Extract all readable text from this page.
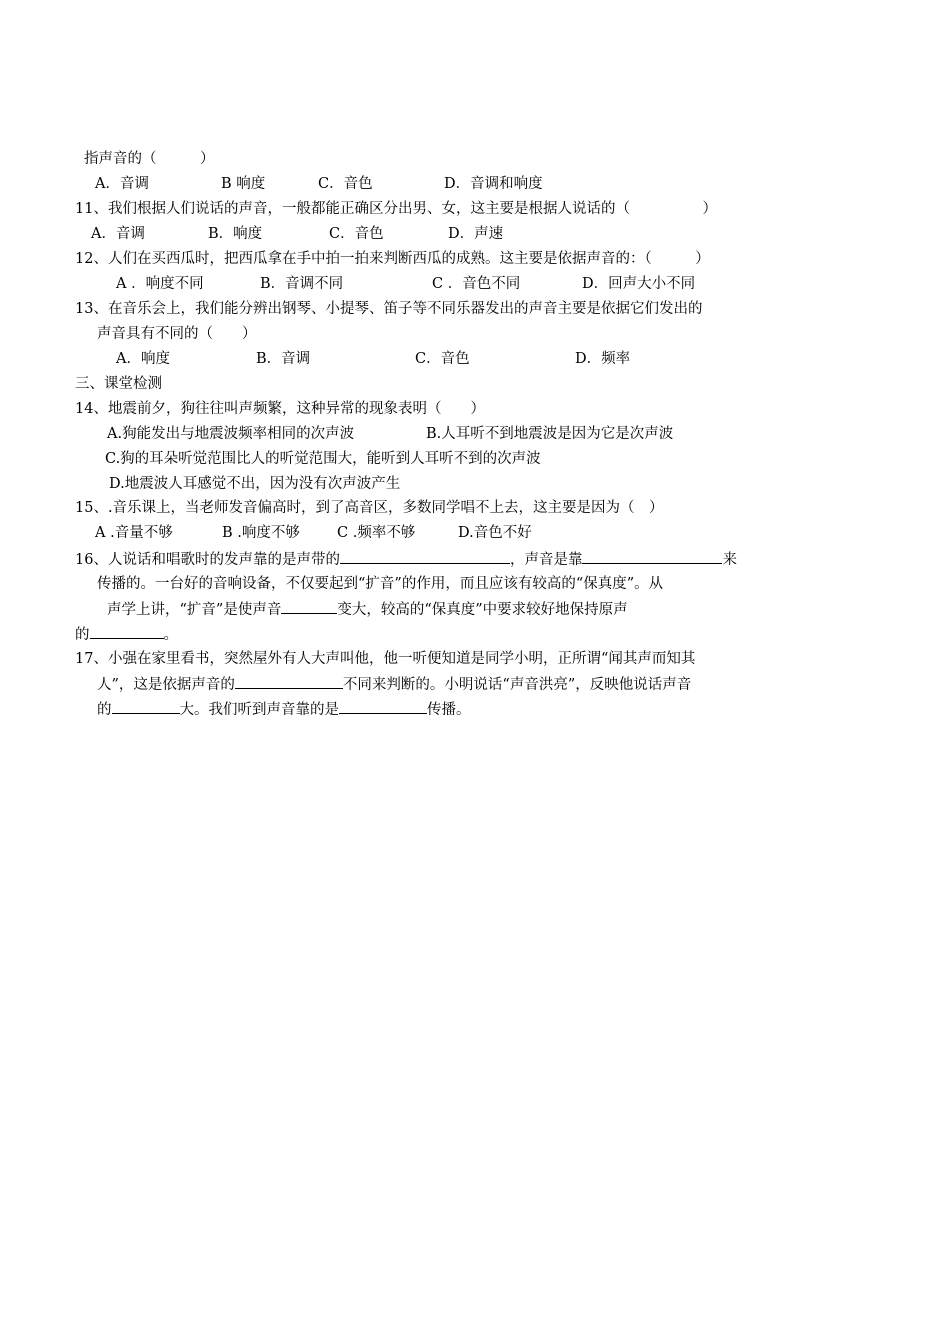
指声音的（　　　）
A．音调	B 响度	C．音色	D．音调和响度
11、我们根据人们说话的声音，一般都能正确区分出男、女，这主要是根据人说话的（　　　　　）
A．音调	B．响度	C．音色	D．声速
12、人们在买西瓜时，把西瓜拿在手中拍一拍来判断西瓜的成熟。这主要是依据声音的：（　　　）
A ．响度不同	B．音调不同	C ．音色不同	D．回声大小不同
13、在音乐会上，我们能分辨出钢琴、小提琴、笛子等不同乐器发出的声音主要是依据它们发出的
声音具有不同的（　　）
A．响度	B．音调	C．音色	D．频率
三、课堂检测
14、地震前夕，狗往往叫声频繁，这种异常的现象表明（　　）
A.狗能发出与地震波频率相同的次声波	B.人耳听不到地震波是因为它是次声波
C.狗的耳朵听觉范围比人的听觉范围大，能听到人耳听不到的次声波
D.地震波人耳感觉不出，因为没有次声波产生
15、.音乐课上，当老师发音偏高时，到了高音区，多数同学唱不上去，这主要是因为（　）
A .音量不够	B .响度不够	C .频率不够	D.音色不好
16、人说话和唱歌时的发声靠的是声带的	，声音是靠	来
传播的。一台好的音响设备，不仅要起到“扩音”的作用，而且应该有较高的“保真度”。从
声学上讲，“扩音”是使声音	变大，较高的“保真度”中要求较好地保持原声
的	。
17、小强在家里看书，突然屋外有人大声叫他，他一听便知道是同学小明，正所谓“闻其声而知其
人”，这是依据声音的	不同来判断的。小明说话“声音洪亮”，反映他说话声音
的	大。我们听到声音靠的是	传播。
